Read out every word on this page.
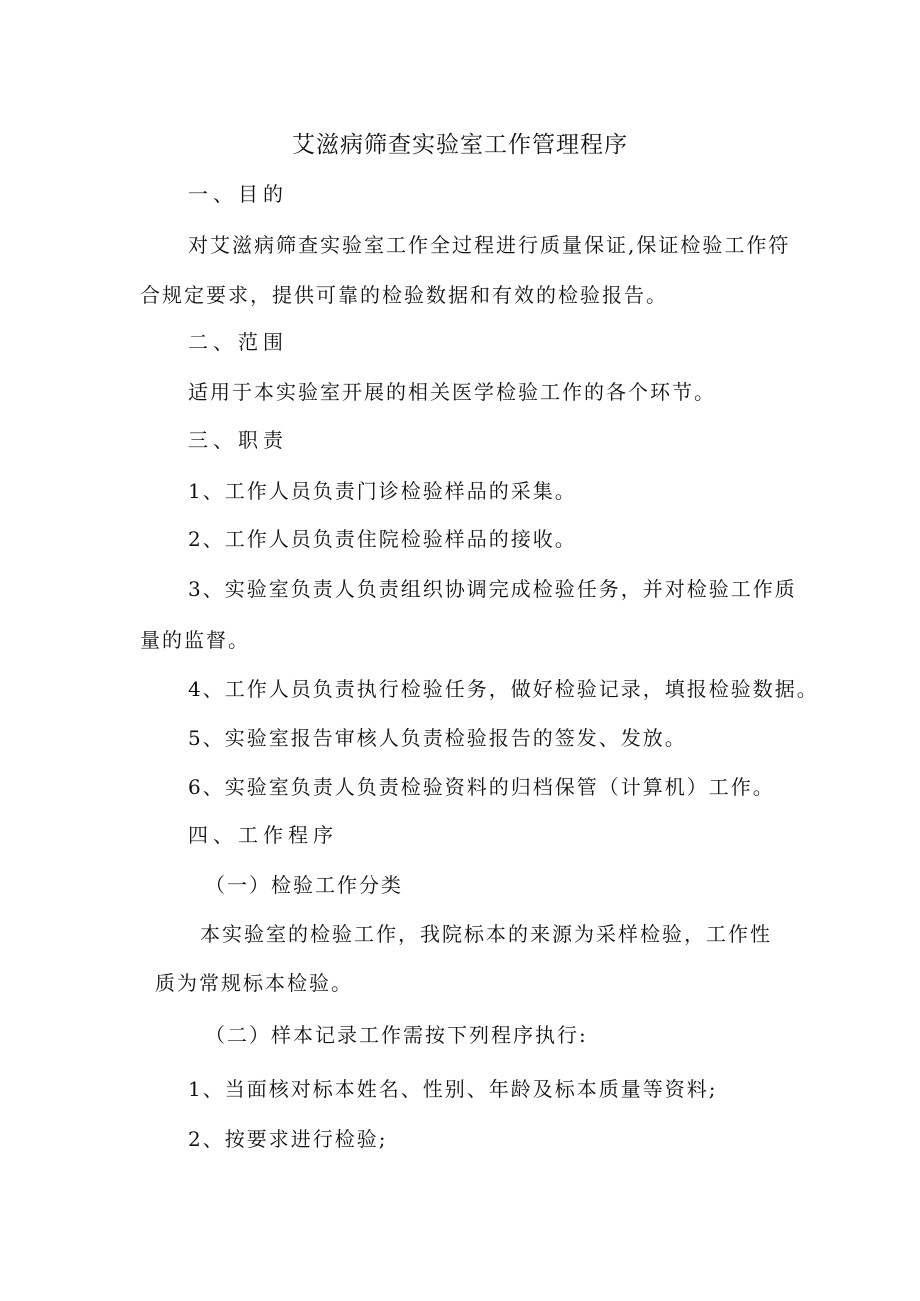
艾滋病筛查实验室工作管理程序
一、目的
对艾滋病筛查实验室工作全过程进行质量保证,保证检验工作符
合规定要求，提供可靠的检验数据和有效的检验报告。
二、范围
适用于本实验室开展的相关医学检验工作的各个环节。
三、职责
1、工作人员负责门诊检验样品的采集。
2、工作人员负责住院检验样品的接收。
3、实验室负责人负责组织协调完成检验任务，并对检验工作质
量的监督。
4、工作人员负责执行检验任务，做好检验记录，填报检验数据。
5、实验室报告审核人负责检验报告的签发、发放。
6、实验室负责人负责检验资料的归档保管（计算机）工作。
四、工作程序
（一）检验工作分类
本实验室的检验工作，我院标本的来源为采样检验，工作性
质为常规标本检验。
（二）样本记录工作需按下列程序执行:
1、当面核对标本姓名、性别、年龄及标本质量等资料;
2、按要求进行检验;
